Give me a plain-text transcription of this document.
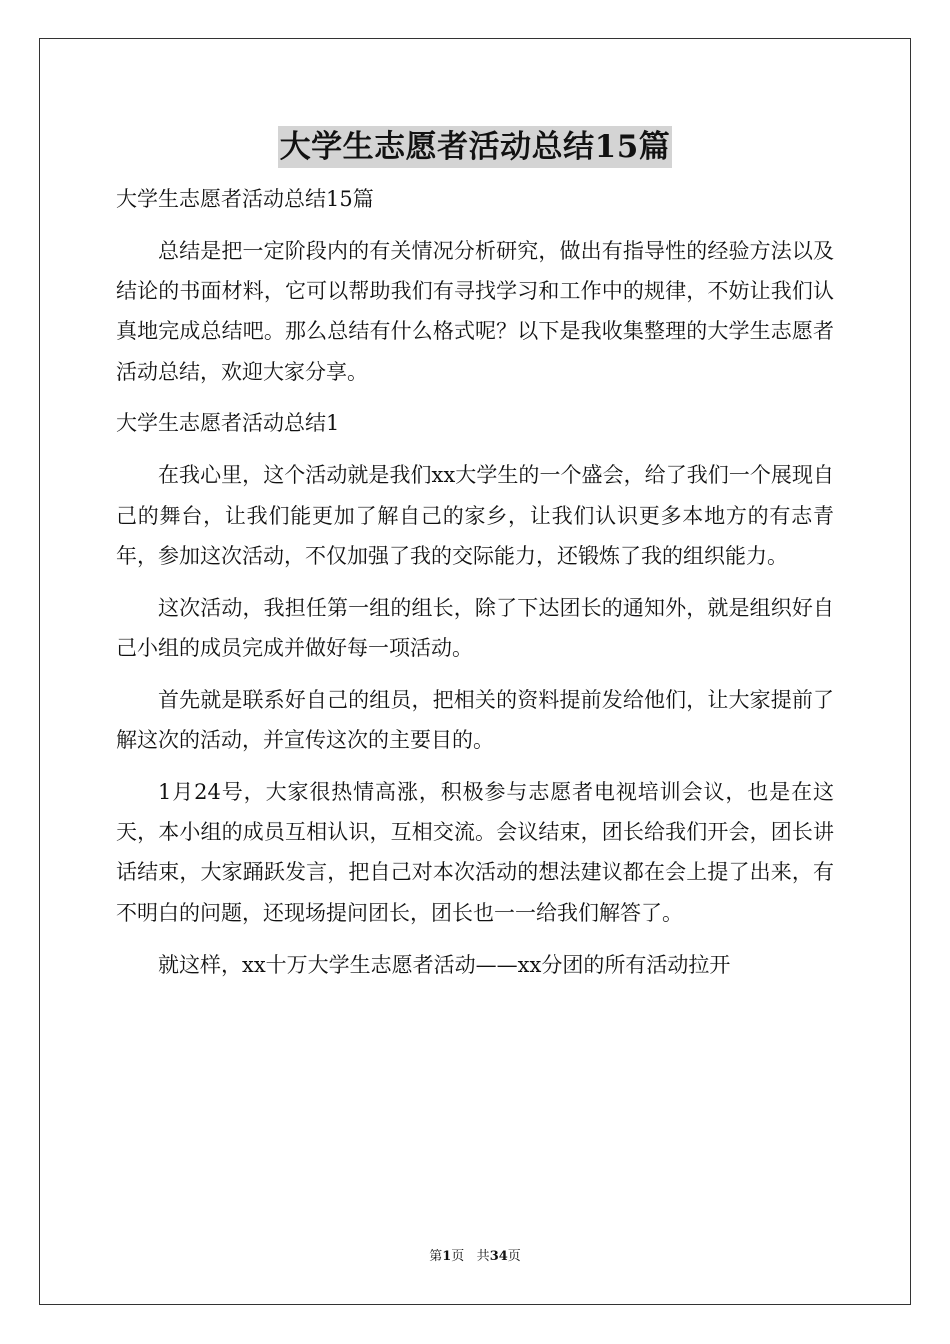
大学生志愿者活动总结15篇

大学生志愿者活动总结15篇

总结是把一定阶段内的有关情况分析研究，做出有指导性的经验方法以及结论的书面材料，它可以帮助我们有寻找学习和工作中的规律，不妨让我们认真地完成总结吧。那么总结有什么格式呢？以下是我收集整理的大学生志愿者活动总结，欢迎大家分享。

大学生志愿者活动总结1

在我心里，这个活动就是我们xx大学生的一个盛会，给了我们一个展现自己的舞台，让我们能更加了解自己的家乡，让我们认识更多本地方的有志青年，参加这次活动，不仅加强了我的交际能力，还锻炼了我的组织能力。

这次活动，我担任第一组的组长，除了下达团长的通知外，就是组织好自己小组的成员完成并做好每一项活动。

首先就是联系好自己的组员，把相关的资料提前发给他们，让大家提前了解这次的活动，并宣传这次的主要目的。

1月24号，大家很热情高涨，积极参与志愿者电视培训会议，也是在这天，本小组的成员互相认识，互相交流。会议结束，团长给我们开会，团长讲话结束，大家踊跃发言，把自己对本次活动的想法建议都在会上提了出来，有不明白的问题，还现场提问团长，团长也一一给我们解答了。

就这样，xx十万大学生志愿者活动——xx分团的所有活动拉开

第1页 共34页
